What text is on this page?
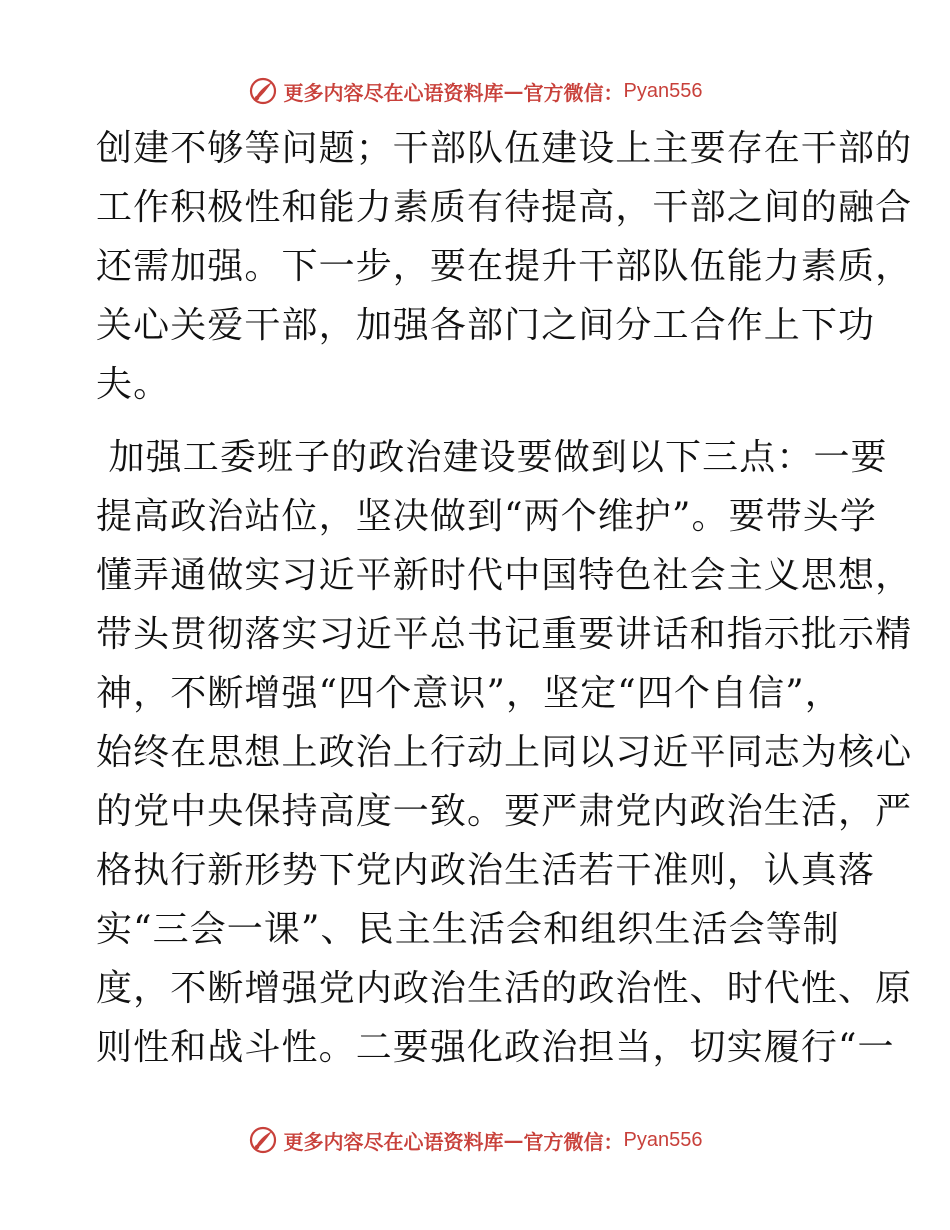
更多内容尽在心语资料库 — 官方微信： Pyan556
创建不够等问题；干部队伍建设上主要存在干部的
工作积极性和能力素质有待提高，干部之间的融合
还需加强。下一步，要在提升干部队伍能力素质，
关心关爱干部，加强各部门之间分工合作上下功
夫。
加强工委班子的政治建设要做到以下三点：一要
提高政治站位，坚决做到“两个维护”。要带头学
懂弄通做实习近平新时代中国特色社会主义思想，
带头贯彻落实习近平总书记重要讲话和指示批示精
神，不断增强“四个意识”，坚定“四个自信”，
始终在思想上政治上行动上同以习近平同志为核心
的党中央保持高度一致。要严肃党内政治生活，严
格执行新形势下党内政治生活若干准则，认真落
实“三会一课”、民主生活会和组织生活会等制
度，不断增强党内政治生活的政治性、时代性、原
则性和战斗性。二要强化政治担当，切实履行“一
更多内容尽在心语资料库 — 官方微信： Pyan556
